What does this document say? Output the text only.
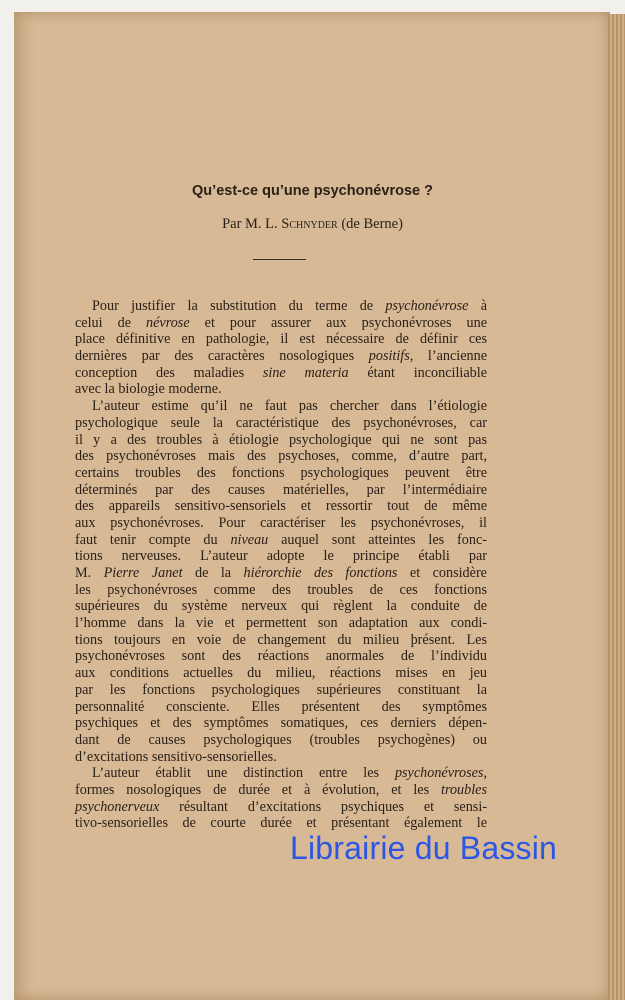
Qu’est-ce qu’une psychonévrose ?
Par M. L. Schnyder (de Berne)
Pour justifier la substitution du terme de psychonévrose à
celui de névrose et pour assurer aux psychonévroses une
place définitive en pathologie, il est nécessaire de définir ces
dernières par des caractères nosologiques positifs, l’ancienne
conception des maladies sine materia étant inconciliable
avec la biologie moderne.
L’auteur estime qu’il ne faut pas chercher dans l’étiologie
psychologique seule la caractéristique des psychonévroses, car
il y a des troubles à étiologie psychologique qui ne sont pas
des psychonévroses mais des psychoses, comme, d’autre part,
certains troubles des fonctions psychologiques peuvent être
déterminés par des causes matérielles, par l’intermédiaire
des appareils sensitivo-sensoriels et ressortir tout de même
aux psychonévroses. Pour caractériser les psychonévroses, il
faut tenir compte du niveau auquel sont atteintes les fonc-
tions nerveuses. L’auteur adopte le principe établi par
M. Pierre Janet de la hiérorchie des fonctions et considère
les psychonévroses comme des troubles de ces fonctions
supérieures du système nerveux qui règlent la conduite de
l’homme dans la vie et permettent son adaptation aux condi-
tions toujours en voie de changement du milieu þrésent. Les
psychonévroses sont des réactions anormales de l’individu
aux conditions actuelles du milieu, réactions mises en jeu
par les fonctions psychologiques supérieures constituant la
personnalité consciente. Elles présentent des symptômes
psychiques et des symptômes somatiques, ces derniers dépen-
dant de causes psychologiques (troubles psychogènes) ou
d’excitations sensitivo-sensorielles.
L’auteur établit une distinction entre les psychonévroses,
formes nosologiques de durée et à évolution, et les troubles
psychonerveux résultant d’excitations psychiques et sensi-
tivo-sensorielles de courte durée et présentant également le
Librairie du Bassin
